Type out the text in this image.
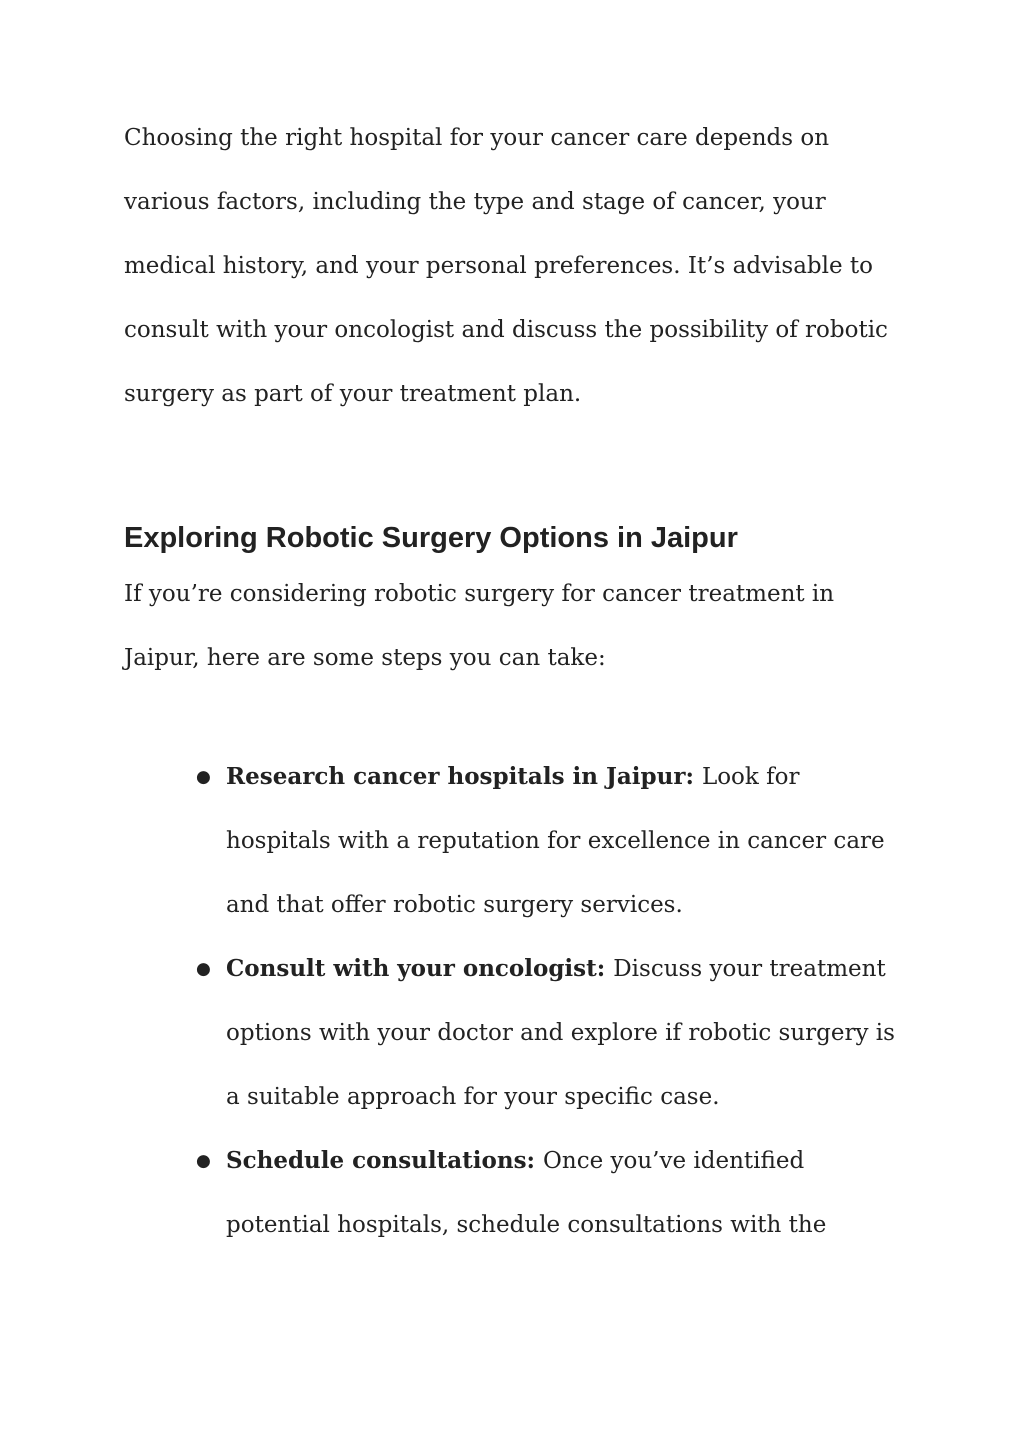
Choosing the right hospital for your cancer care depends on various factors, including the type and stage of cancer, your medical history, and your personal preferences. It’s advisable to consult with your oncologist and discuss the possibility of robotic surgery as part of your treatment plan.

Exploring Robotic Surgery Options in Jaipur

If you’re considering robotic surgery for cancer treatment in Jaipur, here are some steps you can take:

● Research cancer hospitals in Jaipur: Look for hospitals with a reputation for excellence in cancer care and that offer robotic surgery services.
● Consult with your oncologist: Discuss your treatment options with your doctor and explore if robotic surgery is a suitable approach for your specific case.
● Schedule consultations: Once you’ve identified potential hospitals, schedule consultations with the
